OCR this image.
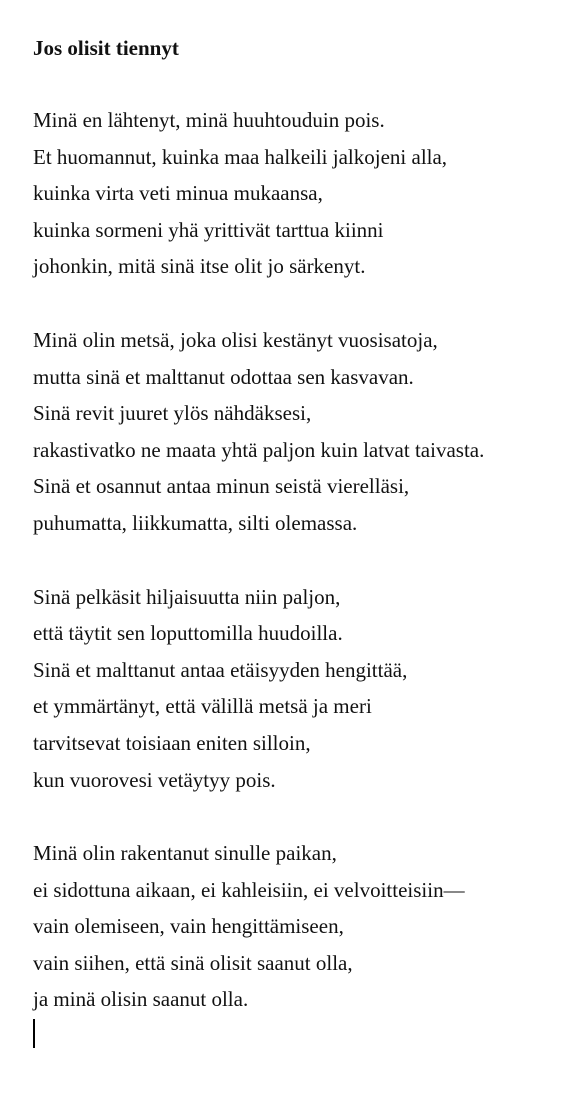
Jos olisit tiennyt
Minä en lähtenyt, minä huuhtouduin pois.
Et huomannut, kuinka maa halkeili jalkojeni alla,
kuinka virta veti minua mukaansa,
kuinka sormeni yhä yrittivät tarttua kiinni
johonkin, mitä sinä itse olit jo särkenyt.
Minä olin metsä, joka olisi kestänyt vuosisatoja,
mutta sinä et malttanut odottaa sen kasvavan.
Sinä revit juuret ylös nähdäksesi,
rakastivatko ne maata yhtä paljon kuin latvat taivasta.
Sinä et osannut antaa minun seistä vierelläsi,
puhumatta, liikkumatta, silti olemassa.
Sinä pelkäsit hiljaisuutta niin paljon,
että täytit sen loputtomilla huudoilla.
Sinä et malttanut antaa etäisyyden hengittää,
et ymmärtänyt, että välillä metsä ja meri
tarvitsevat toisiaan eniten silloin,
kun vuorovesi vetäytyy pois.
Minä olin rakentanut sinulle paikan,
ei sidottuna aikaan, ei kahleisiin, ei velvoitteisiin—
vain olemiseen, vain hengittämiseen,
vain siihen, että sinä olisit saanut olla,
ja minä olisin saanut olla.
